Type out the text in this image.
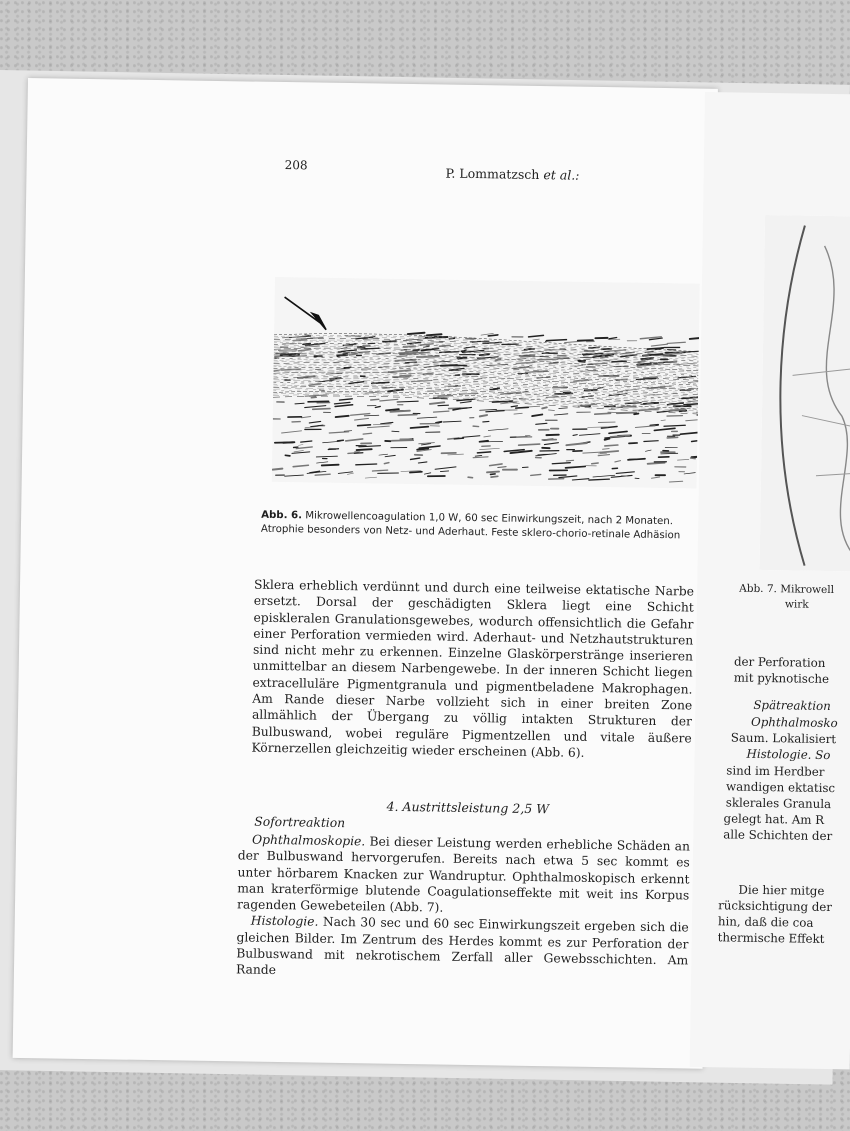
208
P. Lommatzsch et al.:
Abb. 6. Mikrowellencoagulation 1,0 W, 60 sec Einwirkungszeit, nach 2 Monaten. Atrophie besonders von Netz- und Aderhaut. Feste sklero-chorio-retinale Adhäsion

Sklera erheblich verdünnt und durch eine teilweise ektatische Narbe ersetzt. Dorsal der geschädigten Sklera liegt eine Schicht episkleralen Granulationsgewebes, wodurch offensichtlich die Gefahr einer Perforation vermieden wird. Aderhaut- und Netzhautstrukturen sind nicht mehr zu erkennen. Einzelne Glaskörperstränge inserieren unmittelbar an diesem Narbengewebe. In der inneren Schicht liegen extracelluläre Pigmentgranula und pigmentbeladene Makrophagen. Am Rande dieser Narbe vollzieht sich in einer breiten Zone allmählich der Übergang zu völlig intakten Strukturen der Bulbuswand, wobei reguläre Pigmentzellen und vitale äußere Körnerzellen gleichzeitig wieder erscheinen (Abb. 6).

4. Austrittsleistung 2,5 W
Sofortreaktion

Ophthalmoskopie. Bei dieser Leistung werden erhebliche Schäden an der Bulbuswand hervorgerufen. Bereits nach etwa 5 sec kommt es unter hörbarem Knacken zur Wandruptur. Ophthalmoskopisch erkennt man kraterförmige blutende Coagulationseffekte mit weit ins Korpus ragenden Gewebeteilen (Abb. 7).

Histologie. Nach 30 sec und 60 sec Einwirkungszeit ergeben sich die gleichen Bilder. Im Zentrum des Herdes kommt es zur Perforation der Bulbuswand mit nekrotischem Zerfall aller Gewebsschichten. Am Rande

Abb. 7. Mikrowell
wirk
der Perforation
mit pyknotische
Spätreaktion
Ophthalmosko
Saum. Lokalisiert
Histologie. So
sind im Herdber
wandigen ektatisc
sklerales Granula
gelegt hat. Am R
alle Schichten der
Die hier mitge
rücksichtigung der
hin, daß die coa
thermische Effekt
